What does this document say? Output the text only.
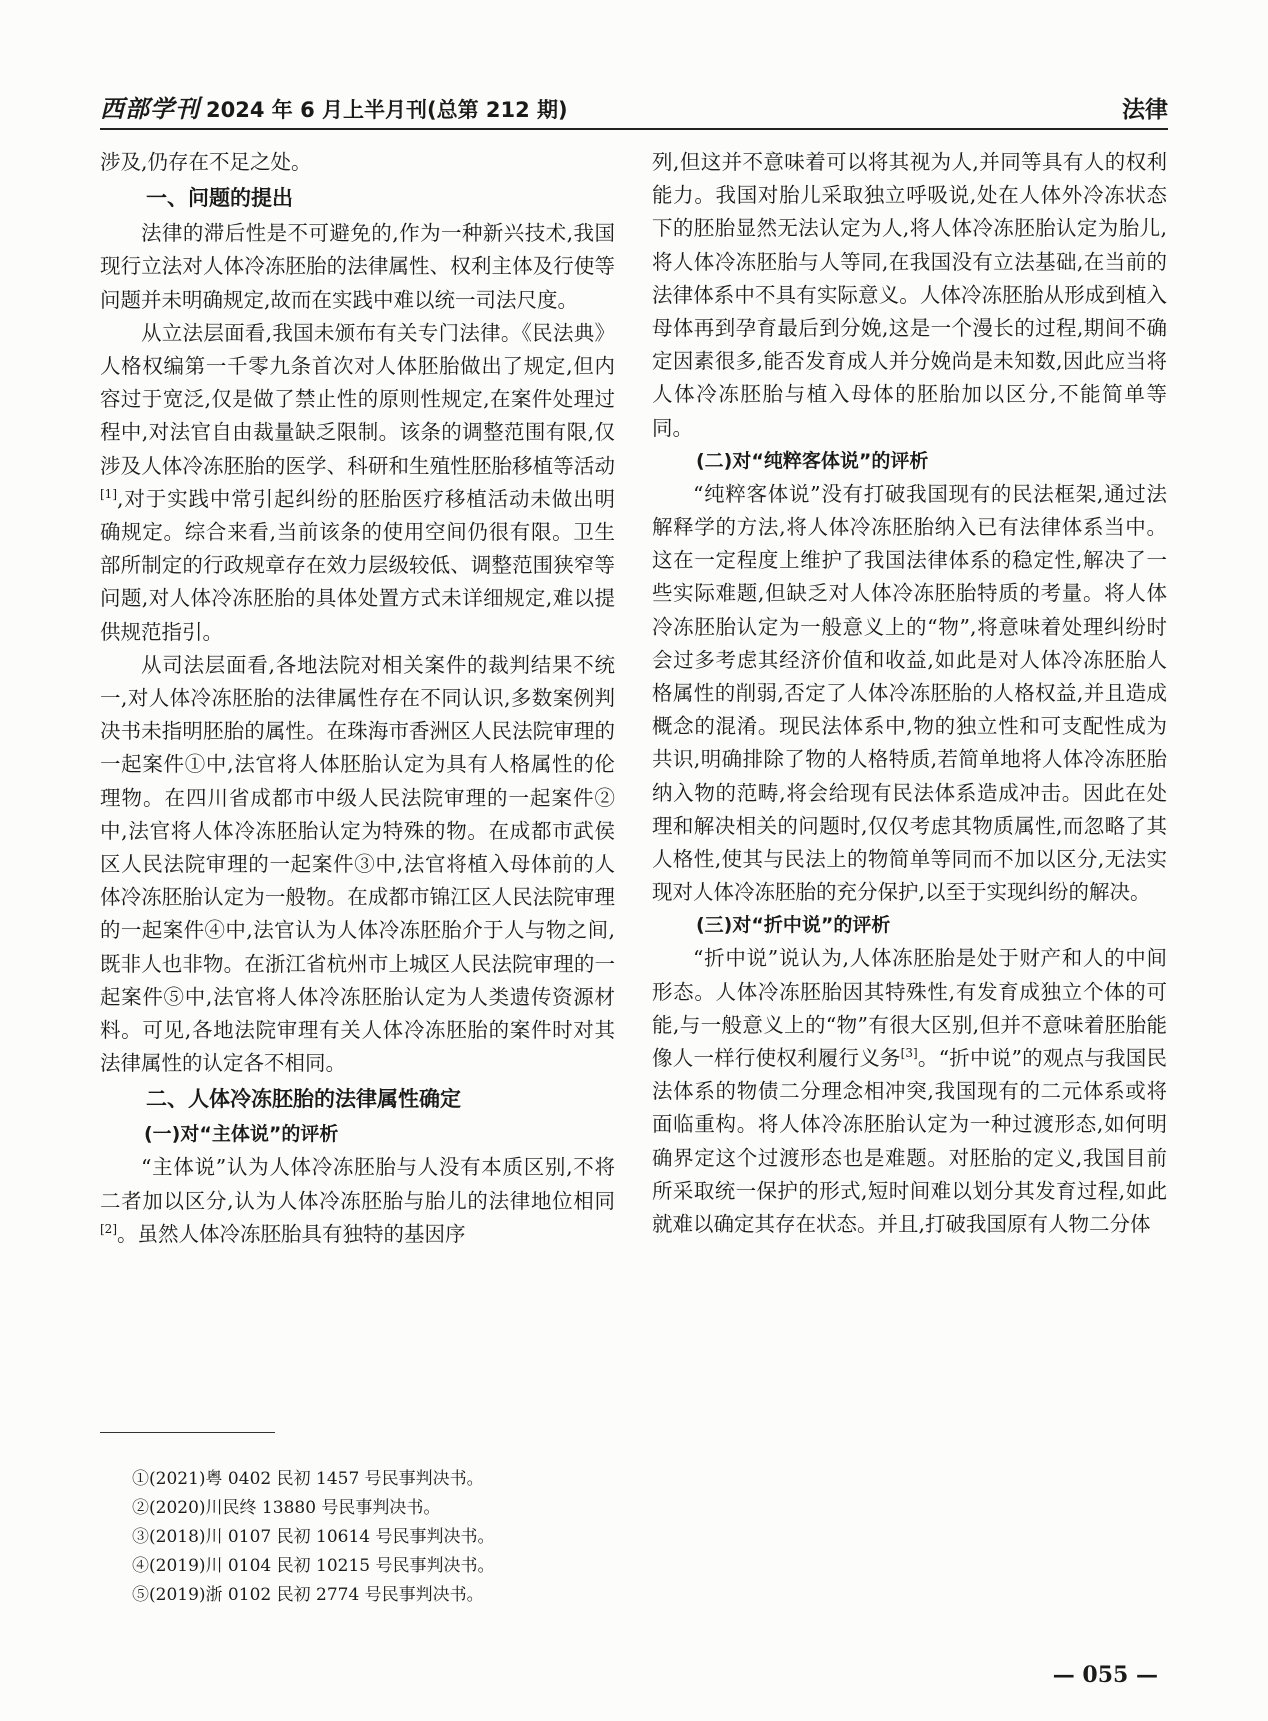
西部学刊 2024 年 6 月上半月刊(总第 212 期)	法律

涉及,仍存在不足之处。

一、问题的提出

法律的滞后性是不可避免的,作为一种新兴技术,我国现行立法对人体冷冻胚胎的法律属性、权利主体及行使等问题并未明确规定,故而在实践中难以统一司法尺度。

从立法层面看,我国未颁布有关专门法律。《民法典》人格权编第一千零九条首次对人体胚胎做出了规定,但内容过于宽泛,仅是做了禁止性的原则性规定,在案件处理过程中,对法官自由裁量缺乏限制。该条的调整范围有限,仅涉及人体冷冻胚胎的医学、科研和生殖性胚胎移植等活动[1],对于实践中常引起纠纷的胚胎医疗移植活动未做出明确规定。综合来看,当前该条的使用空间仍很有限。卫生部所制定的行政规章存在效力层级较低、调整范围狭窄等问题,对人体冷冻胚胎的具体处置方式未详细规定,难以提供规范指引。

从司法层面看,各地法院对相关案件的裁判结果不统一,对人体冷冻胚胎的法律属性存在不同认识,多数案例判决书未指明胚胎的属性。在珠海市香洲区人民法院审理的一起案件①中,法官将人体胚胎认定为具有人格属性的伦理物。在四川省成都市中级人民法院审理的一起案件②中,法官将人体冷冻胚胎认定为特殊的物。在成都市武侯区人民法院审理的一起案件③中,法官将植入母体前的人体冷冻胚胎认定为一般物。在成都市锦江区人民法院审理的一起案件④中,法官认为人体冷冻胚胎介于人与物之间,既非人也非物。在浙江省杭州市上城区人民法院审理的一起案件⑤中,法官将人体冷冻胚胎认定为人类遗传资源材料。可见,各地法院审理有关人体冷冻胚胎的案件时对其法律属性的认定各不相同。

二、人体冷冻胚胎的法律属性确定
(一)对“主体说”的评析

“主体说”认为人体冷冻胚胎与人没有本质区别,不将二者加以区分,认为人体冷冻胚胎与胎儿的法律地位相同[2]。虽然人体冷冻胚胎具有独特的基因序

列,但这并不意味着可以将其视为人,并同等具有人的权利能力。我国对胎儿采取独立呼吸说,处在人体外冷冻状态下的胚胎显然无法认定为人,将人体冷冻胚胎认定为胎儿,将人体冷冻胚胎与人等同,在我国没有立法基础,在当前的法律体系中不具有实际意义。人体冷冻胚胎从形成到植入母体再到孕育最后到分娩,这是一个漫长的过程,期间不确定因素很多,能否发育成人并分娩尚是未知数,因此应当将人体冷冻胚胎与植入母体的胚胎加以区分,不能简单等同。

(二)对“纯粹客体说”的评析

“纯粹客体说”没有打破我国现有的民法框架,通过法解释学的方法,将人体冷冻胚胎纳入已有法律体系当中。这在一定程度上维护了我国法律体系的稳定性,解决了一些实际难题,但缺乏对人体冷冻胚胎特质的考量。将人体冷冻胚胎认定为一般意义上的“物”,将意味着处理纠纷时会过多考虑其经济价值和收益,如此是对人体冷冻胚胎人格属性的削弱,否定了人体冷冻胚胎的人格权益,并且造成概念的混淆。现民法体系中,物的独立性和可支配性成为共识,明确排除了物的人格特质,若简单地将人体冷冻胚胎纳入物的范畴,将会给现有民法体系造成冲击。因此在处理和解决相关的问题时,仅仅考虑其物质属性,而忽略了其人格性,使其与民法上的物简单等同而不加以区分,无法实现对人体冷冻胚胎的充分保护,以至于实现纠纷的解决。

(三)对“折中说”的评析

“折中说”说认为,人体冻胚胎是处于财产和人的中间形态。人体冷冻胚胎因其特殊性,有发育成独立个体的可能,与一般意义上的“物”有很大区别,但并不意味着胚胎能像人一样行使权利履行义务[3]。“折中说”的观点与我国民法体系的物债二分理念相冲突,我国现有的二元体系或将面临重构。将人体冷冻胚胎认定为一种过渡形态,如何明确界定这个过渡形态也是难题。对胚胎的定义,我国目前所采取统一保护的形式,短时间难以划分其发育过程,如此就难以确定其存在状态。并且,打破我国原有人物二分体

①(2021)粤 0402 民初 1457 号民事判决书。
②(2020)川民终 13880 号民事判决书。
③(2018)川 0107 民初 10614 号民事判决书。
④(2019)川 0104 民初 10215 号民事判决书。
⑤(2019)浙 0102 民初 2774 号民事判决书。
— 055 —
